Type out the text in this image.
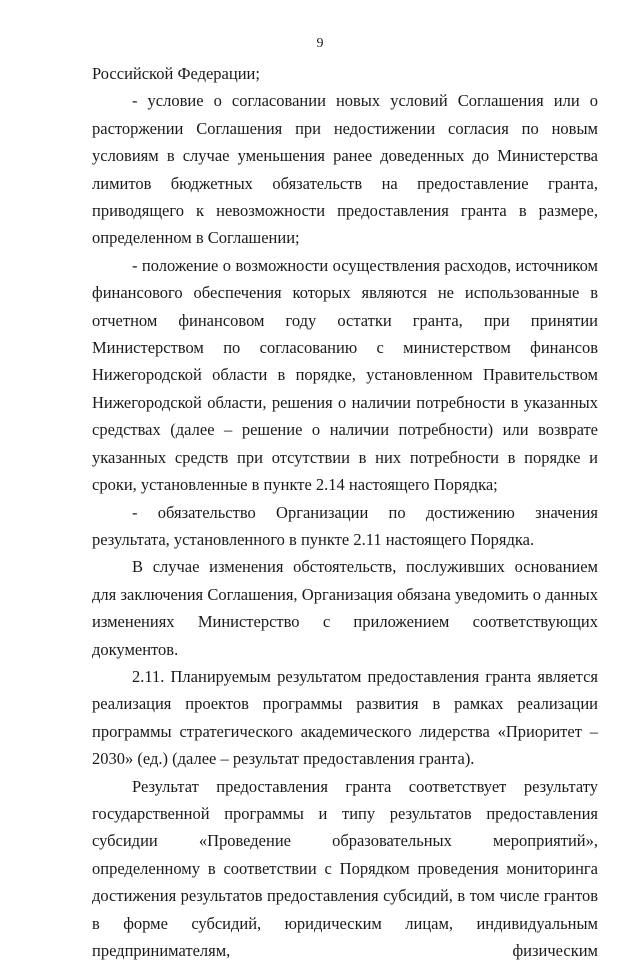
9

Российской Федерации;

- условие о согласовании новых условий Соглашения или о расторжении Соглашения при недостижении согласия по новым условиям в случае уменьшения ранее доведенных до Министерства лимитов бюджетных обязательств на предоставление гранта, приводящего к невозможности предоставления гранта в размере, определенном в Соглашении;

- положение о возможности осуществления расходов, источником финансового обеспечения которых являются не использованные в отчетном финансовом году остатки гранта, при принятии Министерством по согласованию с министерством финансов Нижегородской области в порядке, установленном Правительством Нижегородской области, решения о наличии потребности в указанных средствах (далее – решение о наличии потребности) или возврате указанных средств при отсутствии в них потребности в порядке и сроки, установленные в пункте 2.14 настоящего Порядка;

- обязательство Организации по достижению значения результата, установленного в пункте 2.11 настоящего Порядка.

В случае изменения обстоятельств, послуживших основанием для заключения Соглашения, Организация обязана уведомить о данных изменениях Министерство с приложением соответствующих документов.

2.11. Планируемым результатом предоставления гранта является реализация проектов программы развития в рамках реализации программы стратегического академического лидерства «Приоритет – 2030» (ед.) (далее – результат предоставления гранта).

Результат предоставления гранта соответствует результату государственной программы и типу результатов предоставления субсидии «Проведение образовательных мероприятий», определенному в соответствии с Порядком проведения мониторинга достижения результатов предоставления субсидий, в том числе грантов в форме субсидий, юридическим лицам, индивидуальным предпринимателям, физическим
